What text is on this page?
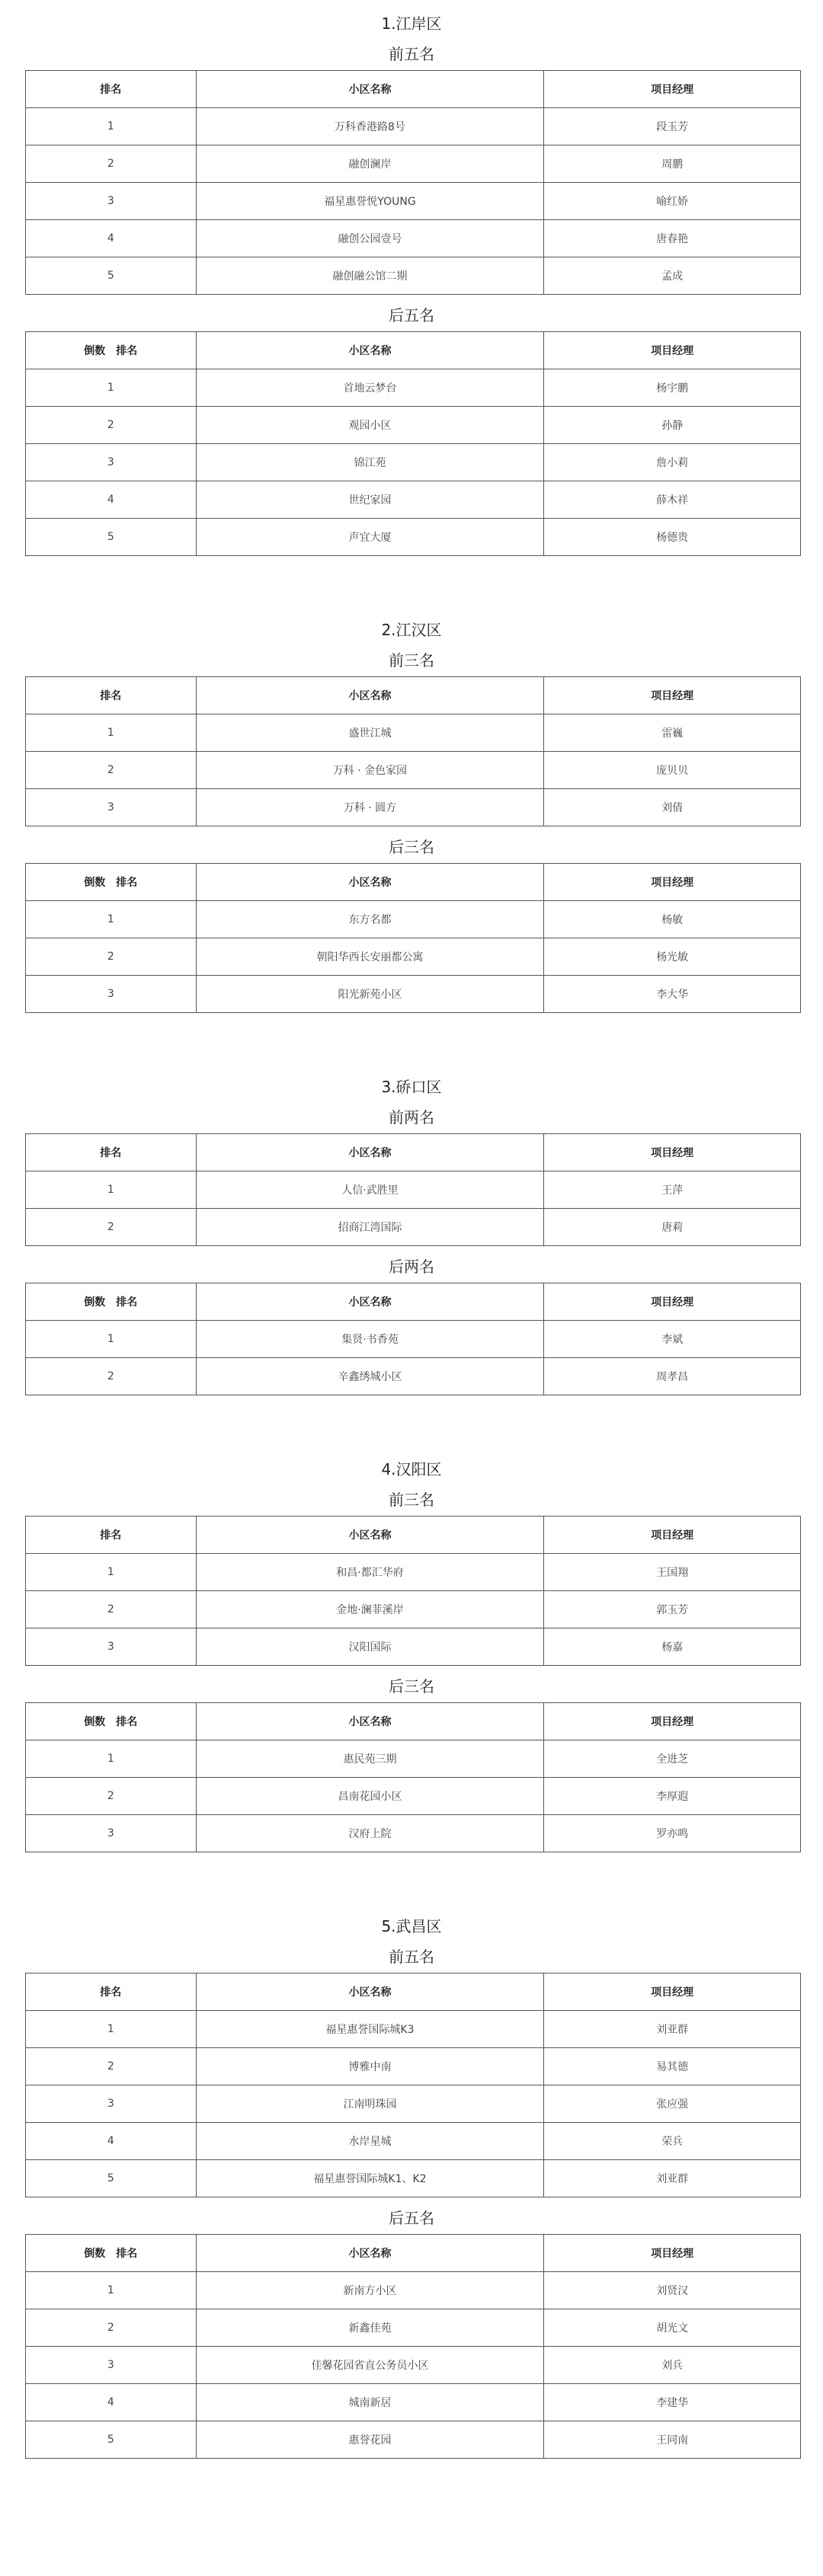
1.江岸区
前五名
排名	小区名称		项目经理
1	万科香港路8号		段玉芳
2	融创澜岸		周鹏
3	福星惠誉悦YOUNG		喻红娇
4	融创公园壹号		唐春艳
5	融创融公馆二期		孟成
后五名
倒数 排名	小区名称		项目经理
1	首地云梦台		杨宇鹏
2	观园小区		孙静
3	锦江苑		詹小莉
4	世纪家园		薛木祥
5	声宜大厦		杨德贵
2.江汉区
前三名
排名	小区名称		项目经理
1	盛世江城		雷巍
2	万科 · 金色家园		庞贝贝
3	万科 · 圆方		刘倩
后三名
倒数 排名	小区名称		项目经理
1	东方名都		杨敏
2	朝阳华西长安丽都公寓		杨光敏
3	阳光新苑小区		李大华
3.硚口区
前两名
排名	小区名称		项目经理
1	人信·武胜里		王萍
2	招商江湾国际		唐莉
后两名
倒数 排名	小区名称		项目经理
1	集贤·书香苑		李斌
2	辛鑫绣城小区		周孝昌
4.汉阳区
前三名
排名	小区名称		项目经理
1	和昌·都汇华府		王国翔
2	金地·澜菲溪岸		郭玉芳
3	汉阳国际		杨嘉
后三名
倒数 排名	小区名称		项目经理
1	惠民苑三期		全进芝
2	昌南花园小区		李厚遐
3	汉府上院		罗亦鸣
5.武昌区
前五名
排名	小区名称		项目经理
1	福星惠誉国际城K3		刘亚群
2	博雅中南		易其德
3	江南明珠园		张应强
4	水岸星城		荣兵
5	福星惠誉国际城K1、K2		刘亚群
后五名
倒数 排名	小区名称		项目经理
1	新南方小区		刘贤汉
2	新鑫佳苑		胡光文
3	佳馨花园省直公务员小区		刘兵
4	城南新居		李建华
5	惠誉花园		王同南
